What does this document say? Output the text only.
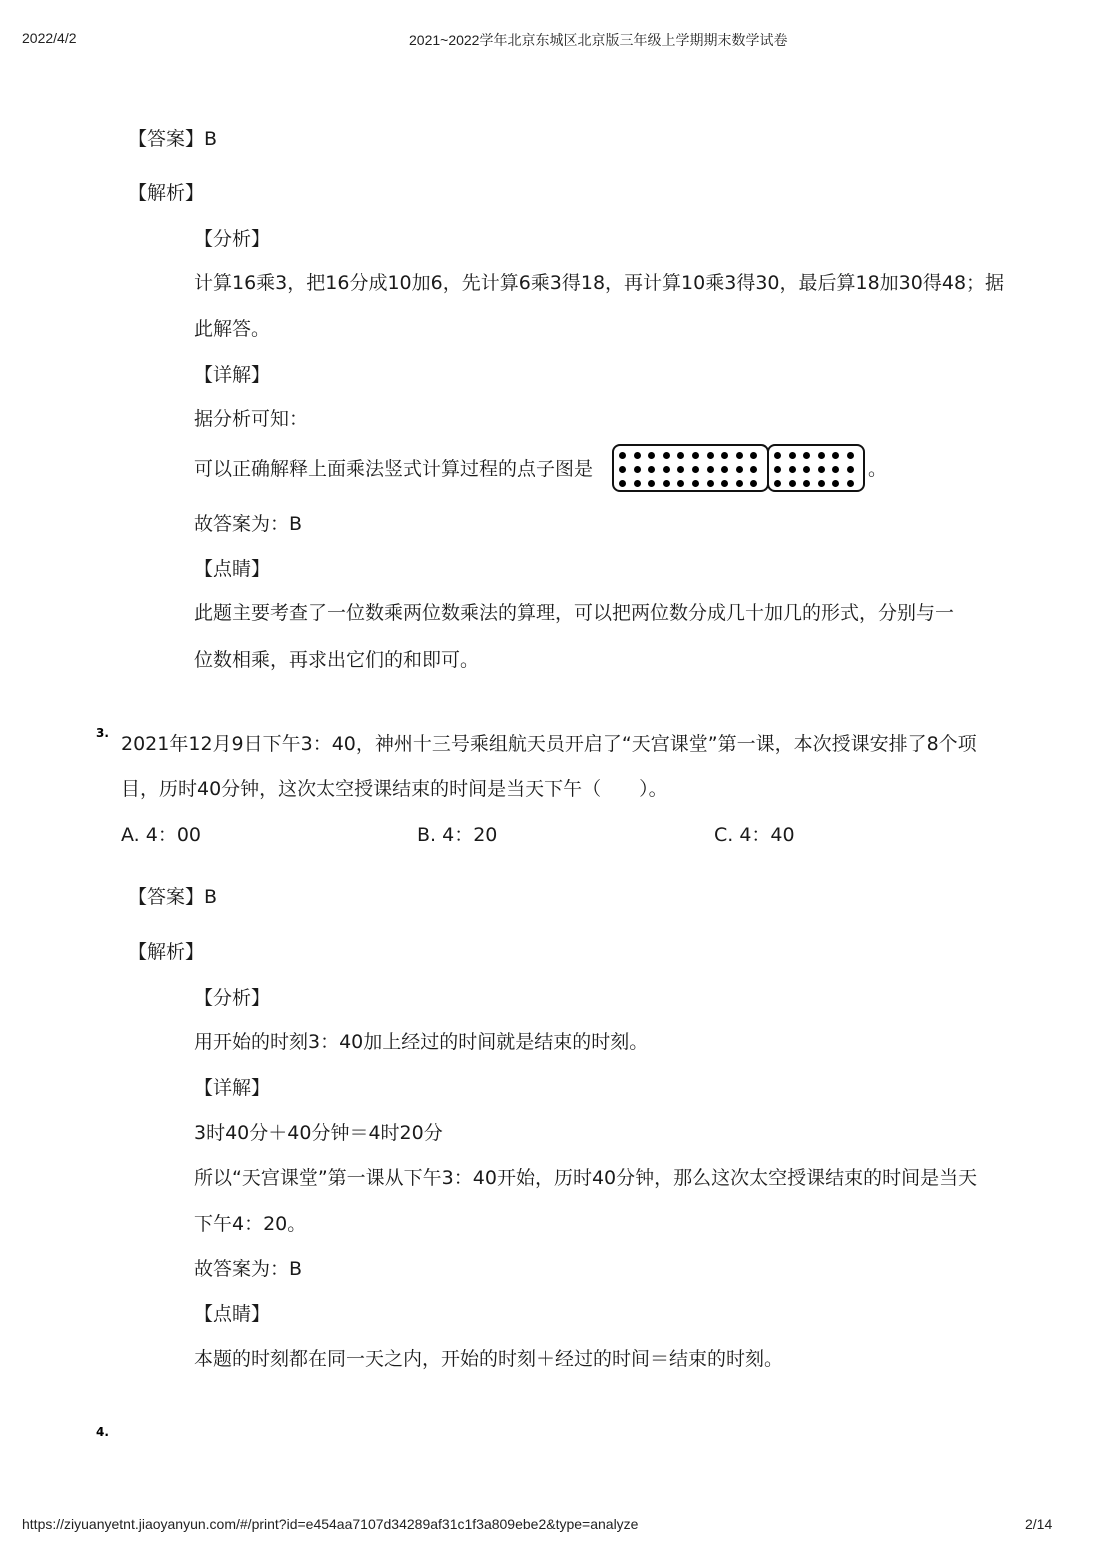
2022/4/2	2021~2022学年北京东城区北京版三年级上学期期末数学试卷
【答案】B
【解析】
【分析】
计算16乘3，把16分成10加6，先计算6乘3得18，再计算10乘3得30，最后算18加30得48；据
此解答。
【详解】
据分析可知：
可以正确解释上面乘法竖式计算过程的点子图是	。
故答案为：B
【点睛】
此题主要考查了一位数乘两位数乘法的算理，可以把两位数分成几十加几的形式，分别与一
位数相乘，再求出它们的和即可。
3. 2021年12月9日下午3：40，神州十三号乘组航天员开启了“天宫课堂”第一课，本次授课安排了8个项
目，历时40分钟，这次太空授课结束的时间是当天下午（　　）。
A. 4：00	B. 4：20	C. 4：40
【答案】B
【解析】
【分析】
用开始的时刻3：40加上经过的时间就是结束的时刻。
【详解】
3时40分＋40分钟＝4时20分
所以“天宫课堂”第一课从下午3：40开始，历时40分钟，那么这次太空授课结束的时间是当天
下午4：20。
故答案为：B
【点睛】
本题的时刻都在同一天之内，开始的时刻＋经过的时间＝结束的时刻。
4.
https://ziyuanyetnt.jiaoyanyun.com/#/print?id=e454aa7107d34289af31c1f3a809ebe2&type=analyze	2/14
